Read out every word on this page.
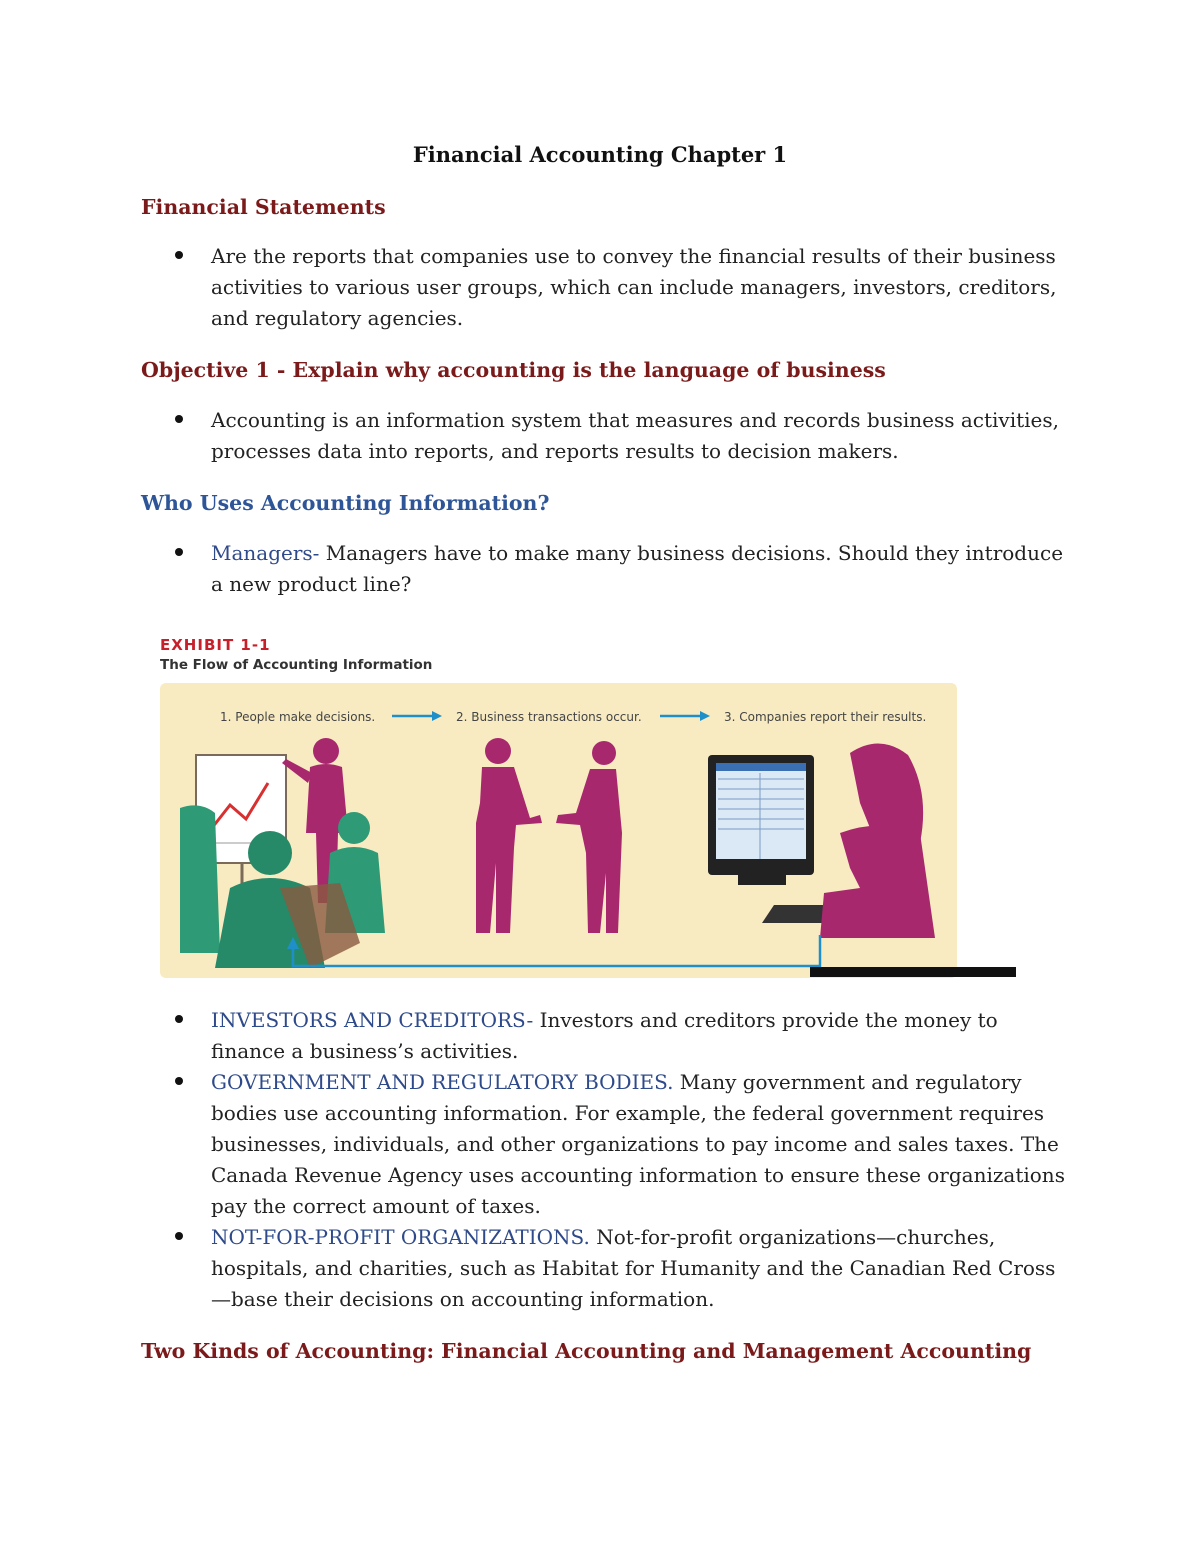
Financial Accounting Chapter 1
Financial Statements
Are the reports that companies use to convey the financial results of their business activities to various user groups, which can include managers, investors, creditors, and regulatory agencies.
Objective 1 - Explain why accounting is the language of business
Accounting is an information system that measures and records business activities, processes data into reports, and reports results to decision makers.
Who Uses Accounting Information?
Managers- Managers have to make many business decisions. Should they introduce a new product line?
EXHIBIT 1-1
The Flow of Accounting Information
1. People make decisions.	2. Business transactions occur.	3. Companies report their results.
INVESTORS AND CREDITORS- Investors and creditors provide the money to finance a business’s activities.
GOVERNMENT AND REGULATORY BODIES. Many government and regulatory bodies use accounting information. For example, the federal government requires businesses, individuals, and other organizations to pay income and sales taxes. The Canada Revenue Agency uses accounting information to ensure these organizations pay the correct amount of taxes.
NOT-FOR-PROFIT ORGANIZATIONS. Not-for-profit organizations—churches, hospitals, and charities, such as Habitat for Humanity and the Canadian Red Cross—base their decisions on accounting information.
Two Kinds of Accounting: Financial Accounting and Management Accounting
